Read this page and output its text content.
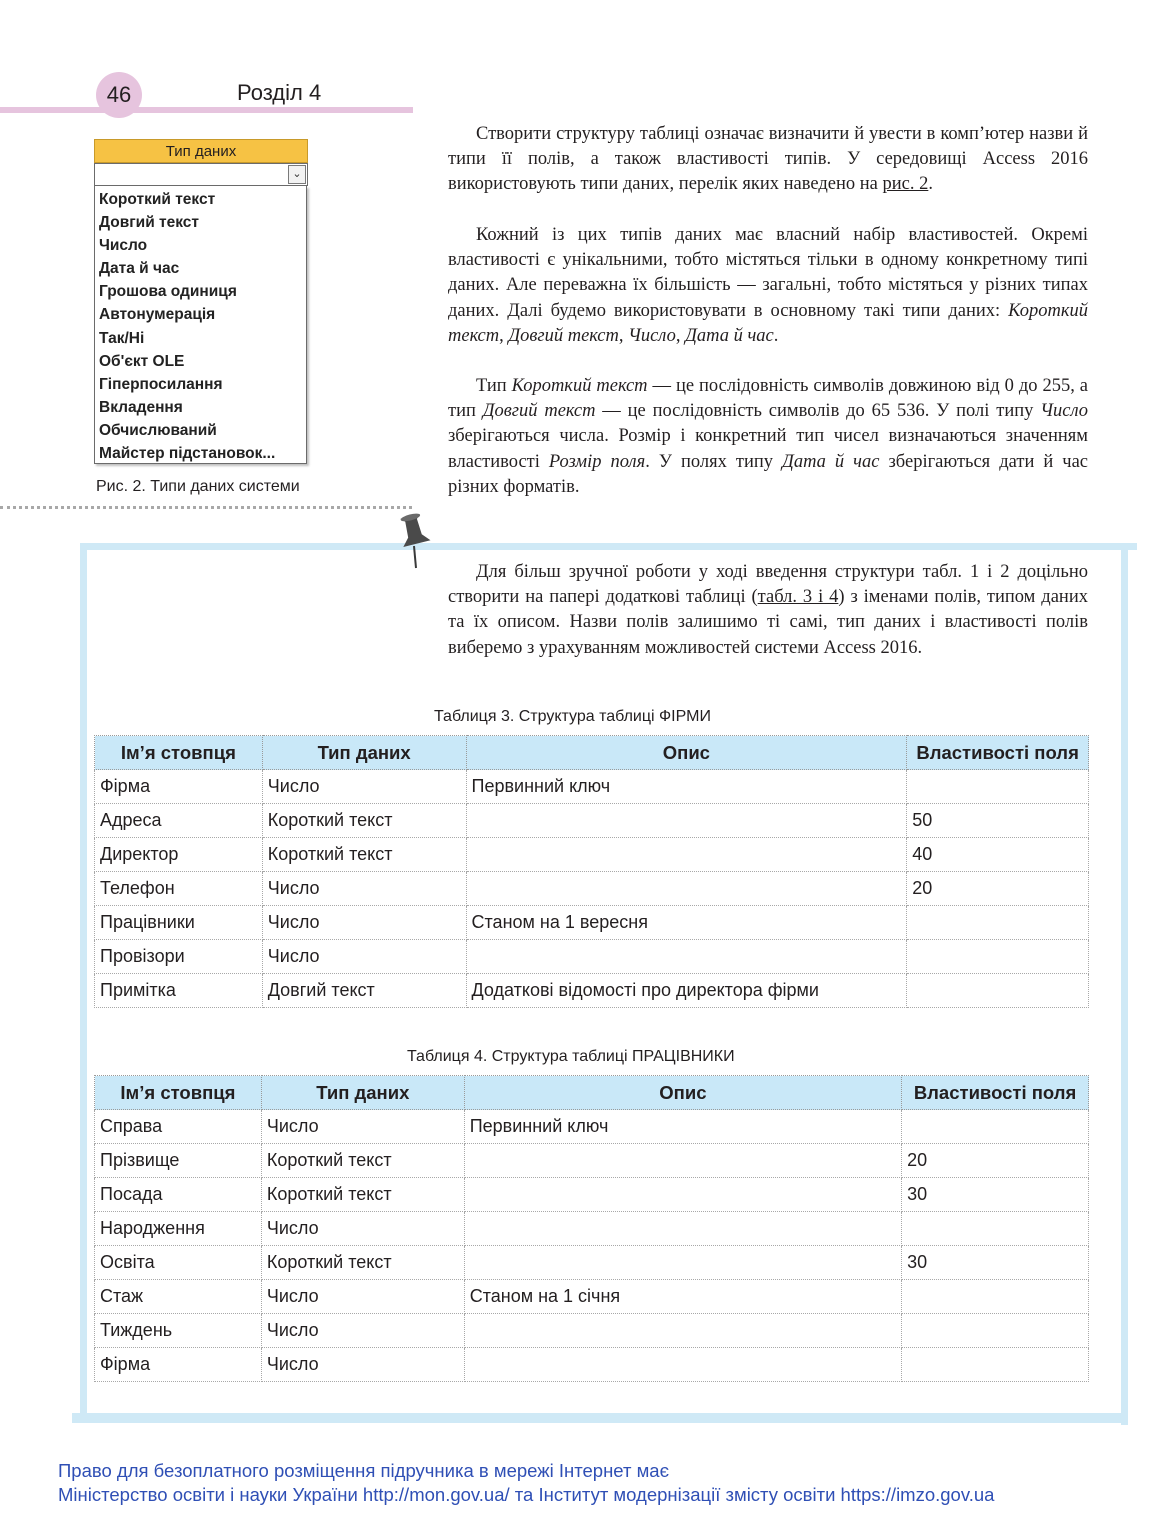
46	Розділ 4
Тип даних
⌄
Короткий текст
Довгий текст
Число
Дата й час
Грошова одиниця
Автонумерація
Так/Ні
Об'єкт OLE
Гіперпосилання
Вкладення
Обчислюваний
Майстер підстановок...
Рис. 2. Типи даних системи
Створити структуру таблиці означає визначити й увести в комп’ютер назви й типи її полів, а також властивості типів. У середовищі Access 2016 використовують типи даних, перелік яких наведено на рис. 2.
Кожний із цих типів даних має власний набір властивостей. Окремі властивості є унікальними, тобто містяться тільки в одному конкретному типі даних. Але переважна їх більшість — загальні, тобто містяться у різних типах даних. Далі будемо використовувати в основному такі типи даних: Короткий текст, Довгий текст, Число, Дата й час.
Тип Короткий текст — це послідовність символів довжиною від 0 до 255, а тип Довгий текст — це послідовність символів до 65 536. У полі типу Число зберігаються числа. Розмір і конкретний тип чисел визначаються значенням властивості Розмір поля. У полях типу Дата й час зберігаються дати й час різних форматів.
Для більш зручної роботи у ході введення структури табл. 1 і 2 доцільно створити на папері додаткові таблиці (табл. 3 і 4) з іменами полів, типом даних та їх описом. Назви полів залишимо ті самі, тип даних і властивості полів виберемо з урахуванням можливостей системи Access 2016.
Таблиця 3. Структура таблиці ФІРМИ
Ім’я стовпця	Тип даних	Опис	Властивості поля
Фірма	Число	Первинний ключ	
Адреса	Короткий текст		50
Директор	Короткий текст		40
Телефон	Число		20
Працівники	Число	Станом на 1 вересня	
Провізори	Число		
Примітка	Довгий текст	Додаткові відомості про директора фірми	
Таблиця 4. Структура таблиці ПРАЦІВНИКИ
Ім’я стовпця	Тип даних	Опис	Властивості поля
Справа	Число	Первинний ключ	
Прізвище	Короткий текст		20
Посада	Короткий текст		30
Народження	Число		
Освіта	Короткий текст		30
Стаж	Число	Станом на 1 січня	
Тиждень	Число		
Фірма	Число		
Право для безоплатного розміщення підручника в мережі Інтернет має
Міністерство освіти і науки України http://mon.gov.ua/ та Інститут модернізації змісту освіти https://imzo.gov.ua
